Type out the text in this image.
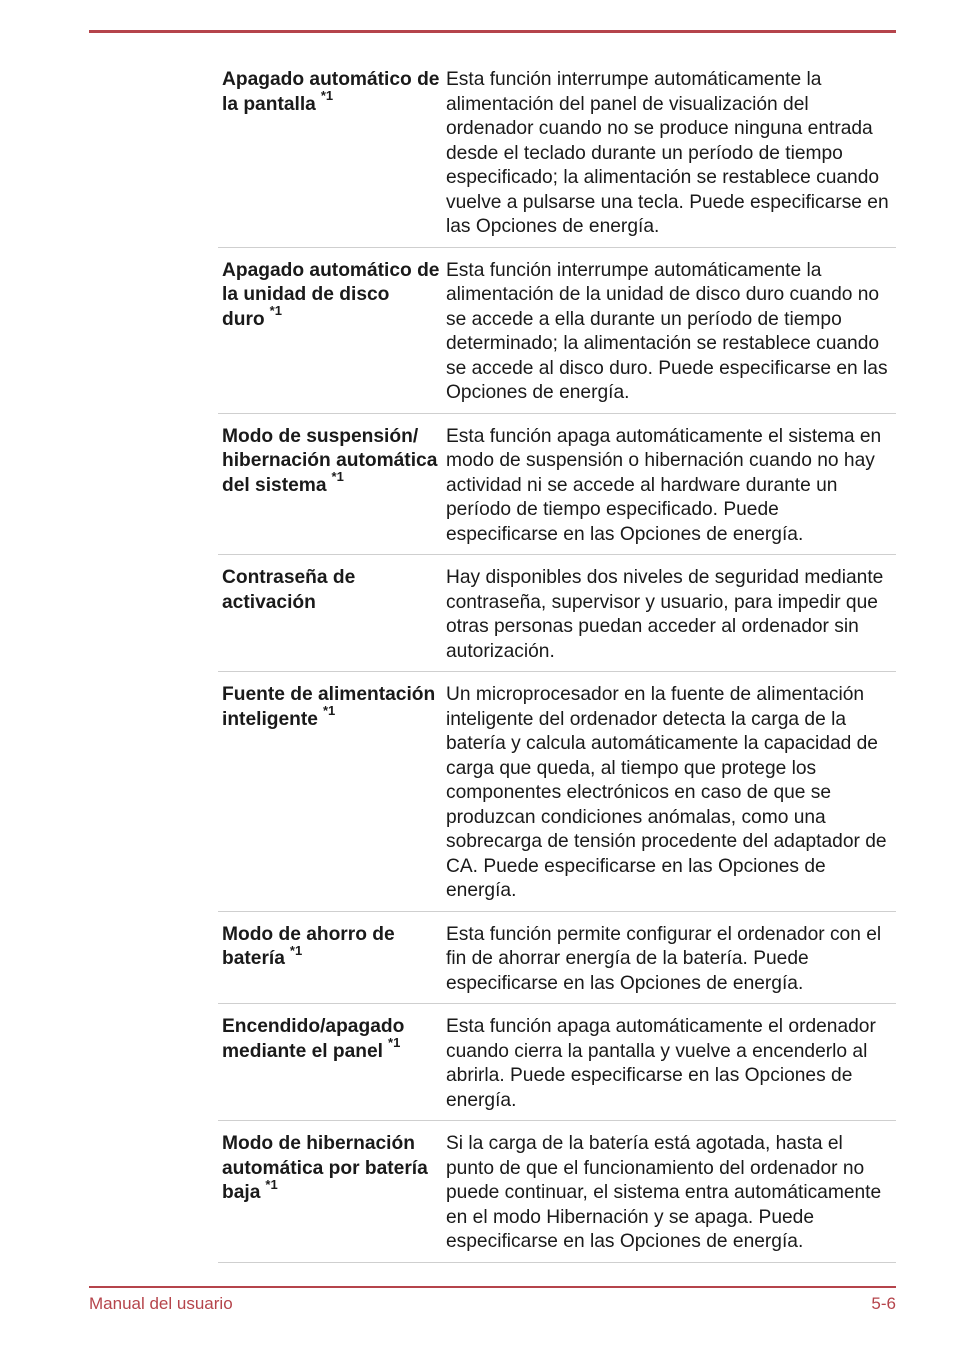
Apagado automático de la pantalla $^{*1}$
Esta función interrumpe automáticamente la alimentación del panel de visualización del ordenador cuando no se produce ninguna entrada desde el teclado durante un período de tiempo especificado; la alimentación se restablece cuando vuelve a pulsarse una tecla. Puede especificarse en las Opciones de energía.
Apagado automático de la unidad de disco duro $^{*1}$
Esta función interrumpe automáticamente la alimentación de la unidad de disco duro cuando no se accede a ella durante un período de tiempo determinado; la alimentación se restablece cuando se accede al disco duro. Puede especificarse en las Opciones de energía.
Modo de suspensión/ hibernación automática del sistema $^{*1}$
Esta función apaga automáticamente el sistema en modo de suspensión o hibernación cuando no hay actividad ni se accede al hardware durante un período de tiempo especificado. Puede especificarse en las Opciones de energía.
Contraseña de activación
Hay disponibles dos niveles de seguridad mediante contraseña, supervisor y usuario, para impedir que otras personas puedan acceder al ordenador sin autorización.
Fuente de alimentación inteligente $^{*1}$
Un microprocesador en la fuente de alimentación inteligente del ordenador detecta la carga de la batería y calcula automáticamente la capacidad de carga que queda, al tiempo que protege los componentes electrónicos en caso de que se produzcan condiciones anómalas, como una sobrecarga de tensión procedente del adaptador de CA. Puede especificarse en las Opciones de energía.
Modo de ahorro de batería $^{*1}$
Esta función permite configurar el ordenador con el fin de ahorrar energía de la batería. Puede especificarse en las Opciones de energía.
Encendido/apagado mediante el panel $^{*1}$
Esta función apaga automáticamente el ordenador cuando cierra la pantalla y vuelve a encenderlo al abrirla. Puede especificarse en las Opciones de energía.
Modo de hibernación automática por batería baja $^{*1}$
Si la carga de la batería está agotada, hasta el punto de que el funcionamiento del ordenador no puede continuar, el sistema entra automáticamente en el modo Hibernación y se apaga. Puede especificarse en las Opciones de energía.
Manual del usuario	5-6
